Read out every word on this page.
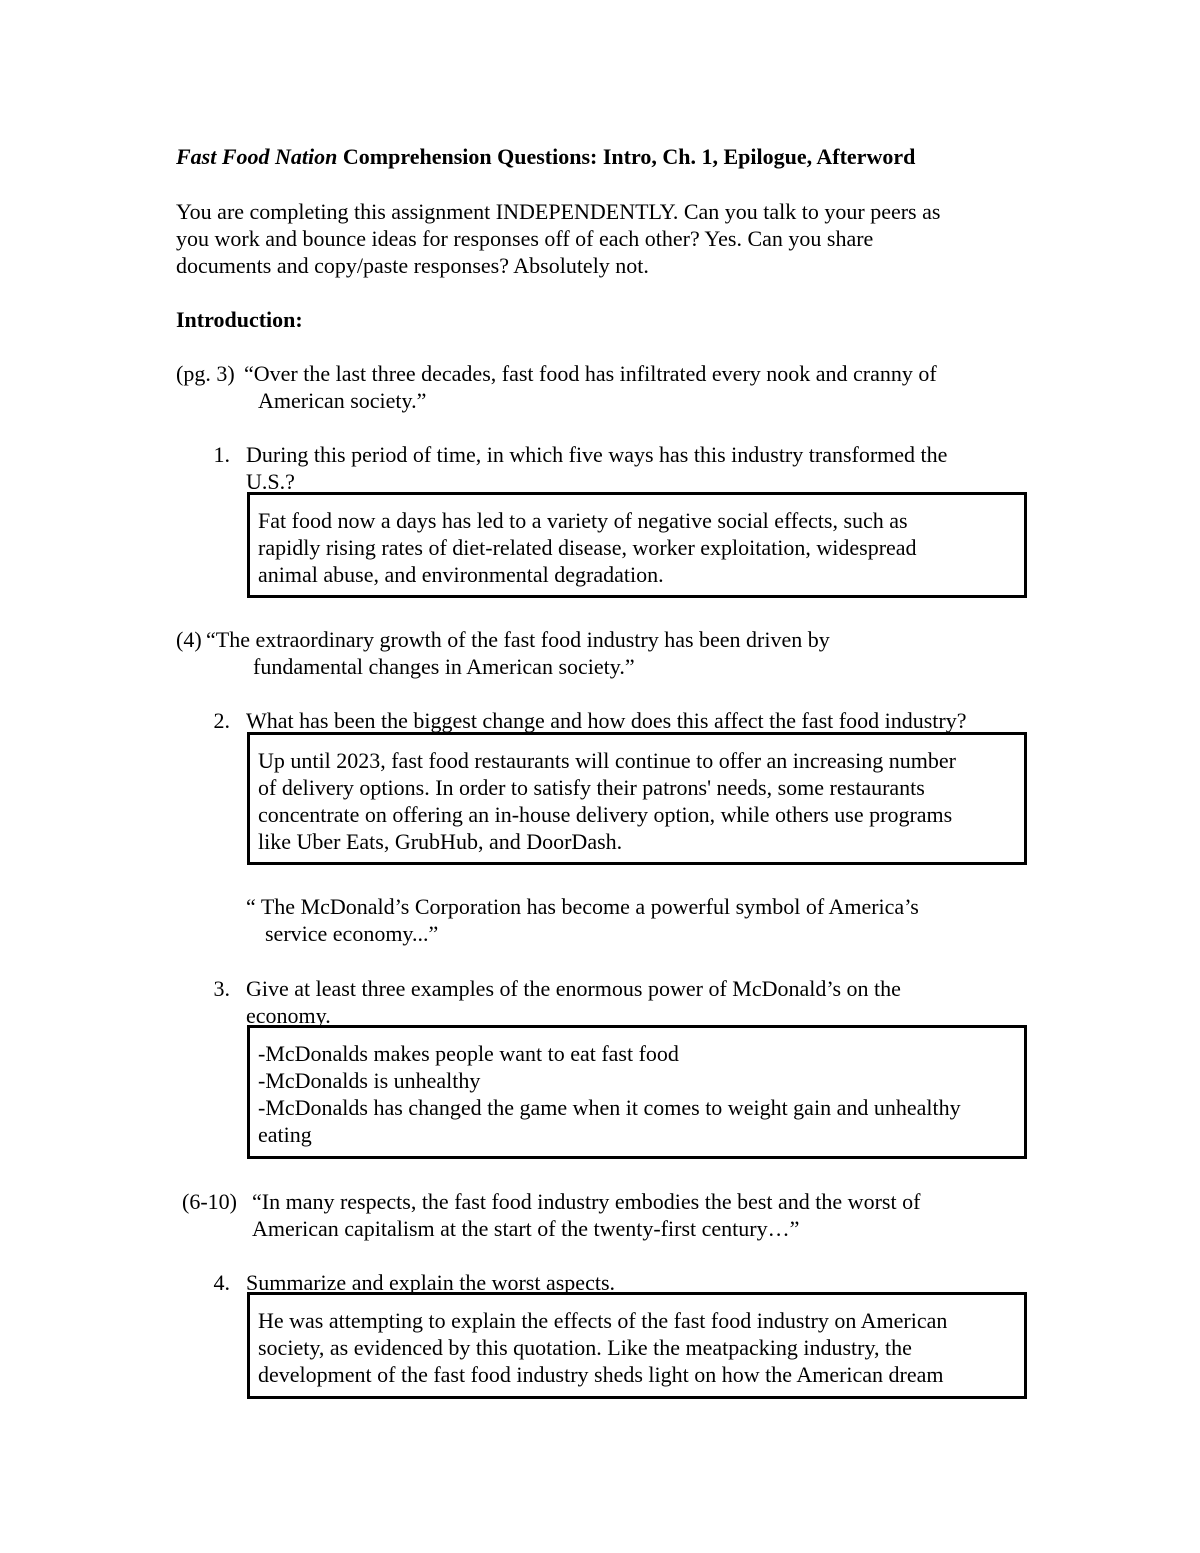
Fast Food Nation Comprehension Questions: Intro, Ch. 1, Epilogue, Afterword
You are completing this assignment INDEPENDENTLY. Can you talk to your peers as
you work and bounce ideas for responses off of each other? Yes. Can you share
documents and copy/paste responses? Absolutely not.
Introduction:
(pg. 3) “Over the last three decades, fast food has infiltrated every nook and cranny of
American society.”
1. During this period of time, in which five ways has this industry transformed the
U.S.?
Fat food now a days has led to a variety of negative social effects, such as
rapidly rising rates of diet-related disease, worker exploitation, widespread
animal abuse, and environmental degradation.
(4) “The extraordinary growth of the fast food industry has been driven by
fundamental changes in American society.”
2. What has been the biggest change and how does this affect the fast food industry?
Up until 2023, fast food restaurants will continue to offer an increasing number
of delivery options. In order to satisfy their patrons' needs, some restaurants
concentrate on offering an in-house delivery option, while others use programs
like Uber Eats, GrubHub, and DoorDash.
“ The McDonald’s Corporation has become a powerful symbol of America’s
service economy...”
3. Give at least three examples of the enormous power of McDonald’s on the
economy.
-McDonalds makes people want to eat fast food
-McDonalds is unhealthy
-McDonalds has changed the game when it comes to weight gain and unhealthy
eating
(6-10) “In many respects, the fast food industry embodies the best and the worst of
American capitalism at the start of the twenty-first century…”
4. Summarize and explain the worst aspects.
He was attempting to explain the effects of the fast food industry on American
society, as evidenced by this quotation. Like the meatpacking industry, the
development of the fast food industry sheds light on how the American dream
